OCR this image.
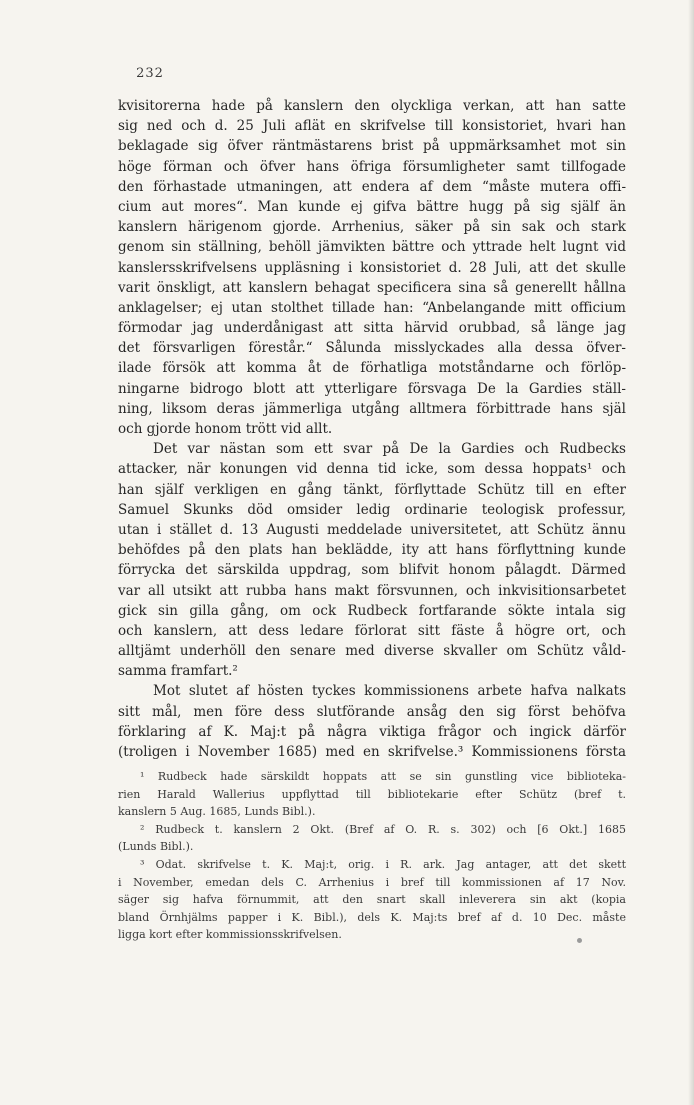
232
kvisitorerna hade på kanslern den olyckliga verkan, att han satte
sig ned och d. 25 Juli aflät en skrifvelse till konsistoriet, hvari han
beklagade sig öfver räntmästarens brist på uppmärksamhet mot sin
höge förman och öfver hans öfriga försumligheter samt tillfogade
den förhastade utmaningen, att endera af dem “måste mutera offi-
cium aut mores“. Man kunde ej gifva bättre hugg på sig själf än
kanslern härigenom gjorde. Arrhenius, säker på sin sak och stark
genom sin ställning, behöll jämvikten bättre och yttrade helt lugnt vid
kanslersskrifvelsens uppläsning i konsistoriet d. 28 Juli, att det skulle
varit önskligt, att kanslern behagat specificera sina så generellt hållna
anklagelser; ej utan stolthet tillade han: “Anbelangande mitt officium
förmodar jag underdånigast att sitta härvid orubbad, så länge jag
det försvarligen förestår.“ Sålunda misslyckades alla dessa öfver-
ilade försök att komma åt de förhatliga motståndarne och förlöp-
ningarne bidrogo blott att ytterligare försvaga De la Gardies ställ-
ning, liksom deras jämmerliga utgång alltmera förbittrade hans själ
och gjorde honom trött vid allt.
Det var nästan som ett svar på De la Gardies och Rudbecks
attacker, när konungen vid denna tid icke, som dessa hoppats¹ och
han själf verkligen en gång tänkt, förflyttade Schütz till en efter
Samuel Skunks död omsider ledig ordinarie teologisk professur,
utan i stället d. 13 Augusti meddelade universitetet, att Schütz ännu
behöfdes på den plats han beklädde, ity att hans förflyttning kunde
förrycka det särskilda uppdrag, som blifvit honom pålagdt. Därmed
var all utsikt att rubba hans makt försvunnen, och inkvisitionsarbetet
gick sin gilla gång, om ock Rudbeck fortfarande sökte intala sig
och kanslern, att dess ledare förlorat sitt fäste å högre ort, och
alltjämt underhöll den senare med diverse skvaller om Schütz våld-
samma framfart.²
Mot slutet af hösten tyckes kommissionens arbete hafva nalkats
sitt mål, men före dess slutförande ansåg den sig först behöfva
förklaring af K. Maj:t på några viktiga frågor och ingick därför
(troligen i November 1685) med en skrifvelse.³ Kommissionens första
¹ Rudbeck hade särskildt hoppats att se sin gunstling vice biblioteka-
rien Harald Wallerius uppflyttad till bibliotekarie efter Schütz (bref t.
kanslern 5 Aug. 1685, Lunds Bibl.).
² Rudbeck t. kanslern 2 Okt. (Bref af O. R. s. 302) och [6 Okt.] 1685
(Lunds Bibl.).
³ Odat. skrifvelse t. K. Maj:t, orig. i R. ark. Jag antager, att det skett
i November, emedan dels C. Arrhenius i bref till kommissionen af 17 Nov.
säger sig hafva förnummit, att den snart skall inleverera sin akt (kopia
bland Örnhjälms papper i K. Bibl.), dels K. Maj:ts bref af d. 10 Dec. måste
ligga kort efter kommissionsskrifvelsen.
